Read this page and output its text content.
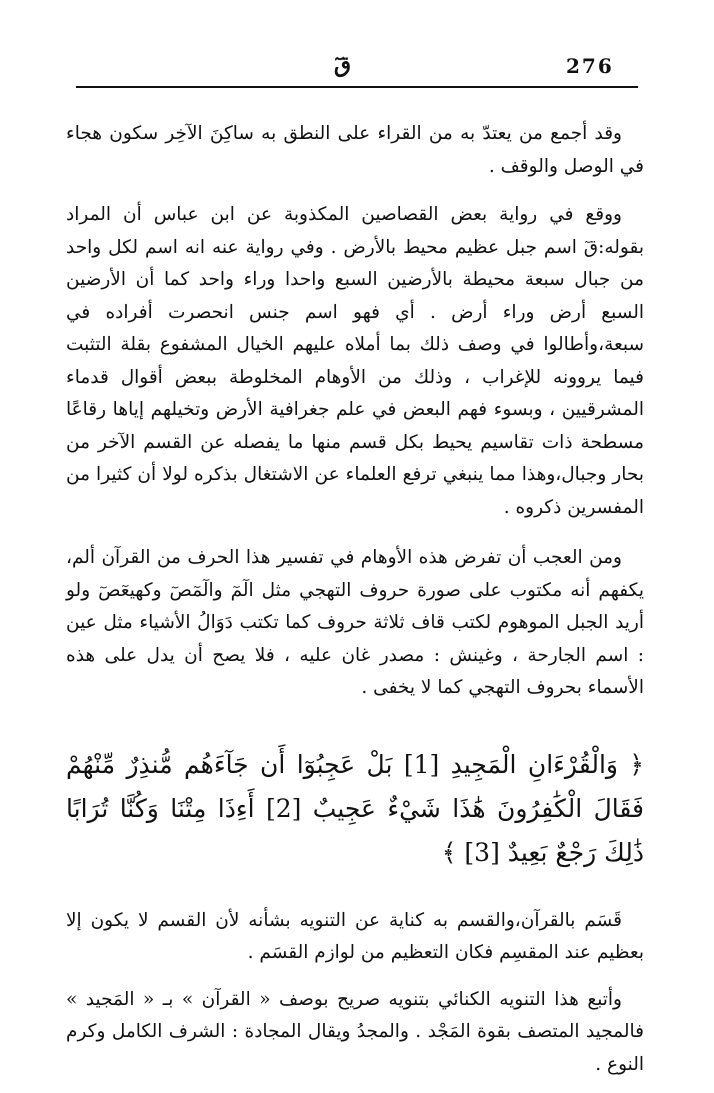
276
قٓ

وقد أجمع من يعتدّ به من القراء على النطق به ساكِنَ الآخِر سكون هجاء في الوصل والوقف .

ووقع في رواية بعض القصاصين المكذوبة عن ابن عباس أن المراد بقوله:قٓ اسم جبل عظيم محيط بالأرض . وفي رواية عنه انه اسم لكل واحد من جبال سبعة محيطة بالأرضين السبع واحدا وراء واحد كما أن الأرضين السبع أرض وراء أرض . أي فهو اسم جنس انحصرت أفراده في سبعة،وأطالوا في وصف ذلك بما أملاه عليهم الخيال المشفوع بقلة التثبت فيما يروونه للإغراب ، وذلك من الأوهام المخلوطة ببعض أقوال قدماء المشرقيين ، وبسوء فهم البعض في علم جغرافية الأرض وتخيلهم إياها رقاعًا مسطحة ذات تقاسيم يحيط بكل قسم منها ما يفصله عن القسم الآخر من بحار وجبال،وهذا مما ينبغي ترفع العلماء عن الاشتغال بذكره لولا أن كثيرا من المفسرين ذكروه .

ومن العجب أن تفرض هذه الأوهام في تفسير هذا الحرف من القرآن ألم، يكفهم أنه مكتوب على صورة حروف التهجي مثل الٓمٓ والٓمٓصٓ وكهيعٓصٓ ولو أريد الجبل الموهوم لكتب قاف ثلاثة حروف كما تكتب دَوَالُ الأشياء مثل عين : اسم الجارحة ، وغينش : مصدر غان عليه ، فلا يصح أن يدل على هذه الأسماء بحروف التهجي كما لا يخفى .

﴿ وَالْقُرْءَانِ الْمَجِيدِ [1] بَلْ عَجِبُوٓا أَن جَآءَهُم مُّنذِرٌ مِّنْهُمْ فَقَالَ الْكَٰفِرُونَ هَٰذَا شَيْءٌ عَجِيبٌ [2] أَءِذَا مِتْنَا وَكُنَّا تُرَابًا ذَٰلِكَ رَجْعٌ بَعِيدٌ [3] ﴾

قَسَم بالقرآن،والقسم به كناية عن التنويه بشأنه لأن القسم لا يكون إلا بعظيم عند المقسِم فكان التعظيم من لوازم القسَم .

وأتبع هذا التنويه الكنائي بتنويه صريح بوصف « القرآن » بـ « المَجيد » فالمجيد المتصف بقوة المَجْد . والمجدُ ويقال المجادة : الشرف الكامل وكرم النوع .
